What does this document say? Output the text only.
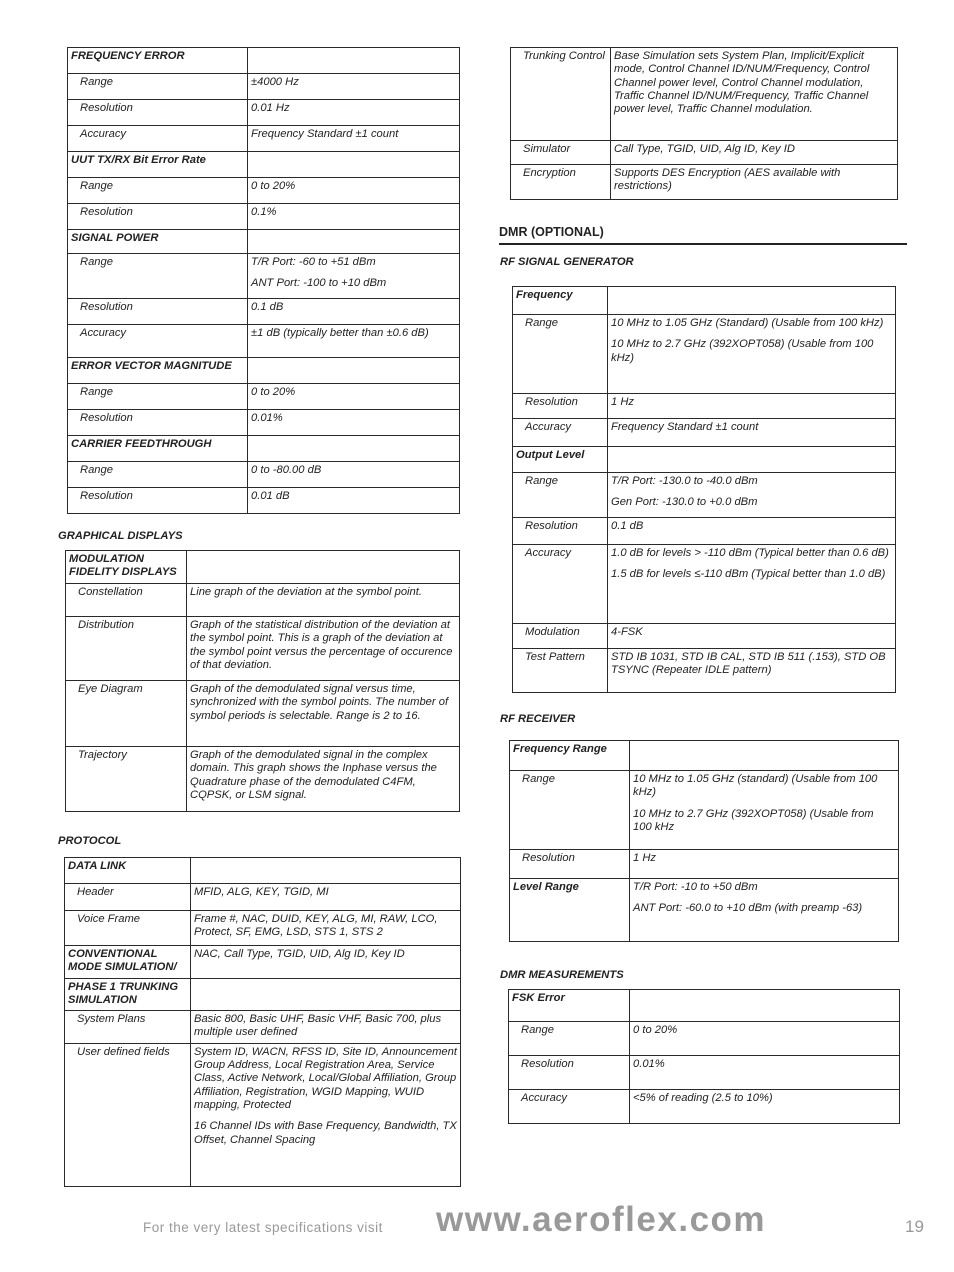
FREQUENCY ERROR	
Range	±4000 Hz

Resolution	0.01 Hz

Accuracy	Frequency Standard ±1 count

UUT TX/RX Bit Error Rate	
Range	0 to 20%

Resolution	0.1%

SIGNAL POWER	
Range	T/R Port: -60 to +51 dBm
ANT Port: -100 to +10 dBm

Resolution	0.1 dB

Accuracy	±1 dB (typically better than ±0.6 dB)

ERROR VECTOR MAGNITUDE	
Range	0 to 20%

Resolution	0.01%

CARRIER FEEDTHROUGH	
Range	0 to -80.00 dB

Resolution	0.01 dB
GRAPHICAL DISPLAYS
MODULATION FIDELITY DISPLAYS	
Constellation	Line graph of the deviation at the symbol point.

Distribution	Graph of the statistical distribution of the deviation at the symbol point. This is a graph of the deviation at the symbol point versus the percentage of occurence of that deviation.

Eye Diagram	Graph of the demodulated signal versus time, synchronized with the symbol points. The number of symbol periods is selectable. Range is 2 to 16.

Trajectory	Graph of the demodulated signal in the complex domain. This graph shows the Inphase versus the Quadrature phase of the demodulated C4FM, CQPSK, or LSM signal.
PROTOCOL
DATA LINK	
Header	MFID, ALG, KEY, TGID, MI

Voice Frame	Frame #, NAC, DUID, KEY, ALG, MI, RAW, LCO, Protect, SF, EMG, LSD, STS 1, STS 2

CONVENTIONAL MODE SIMULATION/	NAC, Call Type, TGID, UID, Alg ID, Key ID

PHASE 1 TRUNKING SIMULATION	
System Plans	Basic 800, Basic UHF, Basic VHF, Basic 700, plus multiple user defined

User defined fields	System ID, WACN, RFSS ID, Site ID, Announcement Group Address, Local Registration Area, Service Class, Active Network, Local/Global Affiliation, Group Affiliation, Registration, WGID Mapping, WUID mapping, Protected
16 Channel IDs with Base Frequency, Bandwidth, TX Offset, Channel Spacing
Trunking Control	Base Simulation sets System Plan, Implicit/Explicit mode, Control Channel ID/NUM/Frequency, Control Channel power level, Control Channel modulation, Traffic Channel ID/NUM/Frequency, Traffic Channel power level, Traffic Channel modulation.

Simulator	Call Type, TGID, UID, Alg ID, Key ID

Encryption	Supports DES Encryption (AES available with restrictions)
DMR (OPTIONAL)
RF SIGNAL GENERATOR
Frequency	
Range	10 MHz to 1.05 GHz (Standard) (Usable from 100 kHz)
10 MHz to 2.7 GHz (392XOPT058) (Usable from 100 kHz)

Resolution	1 Hz

Accuracy	Frequency Standard ±1 count

Output Level	
Range	T/R Port: -130.0 to -40.0 dBm
Gen Port: -130.0 to +0.0 dBm

Resolution	0.1 dB

Accuracy	1.0 dB for levels > -110 dBm (Typical better than 0.6 dB)
1.5 dB for levels ≤-110 dBm (Typical better than 1.0 dB)

Modulation	4-FSK

Test Pattern	STD IB 1031, STD IB CAL, STD IB 511 (.153), STD OB TSYNC (Repeater IDLE pattern)
RF RECEIVER
Frequency Range	
Range	10 MHz to 1.05 GHz (standard) (Usable from 100 kHz)
10 MHz to 2.7 GHz (392XOPT058) (Usable from 100 kHz

Resolution	1 Hz

Level Range	T/R Port: -10 to +50 dBm
ANT Port: -60.0 to +10 dBm (with preamp -63)
DMR MEASUREMENTS
FSK Error	
Range	0 to 20%

Resolution	0.01%

Accuracy	<5% of reading (2.5 to 10%)
For the very latest specifications visit www.aeroflex.com	19
